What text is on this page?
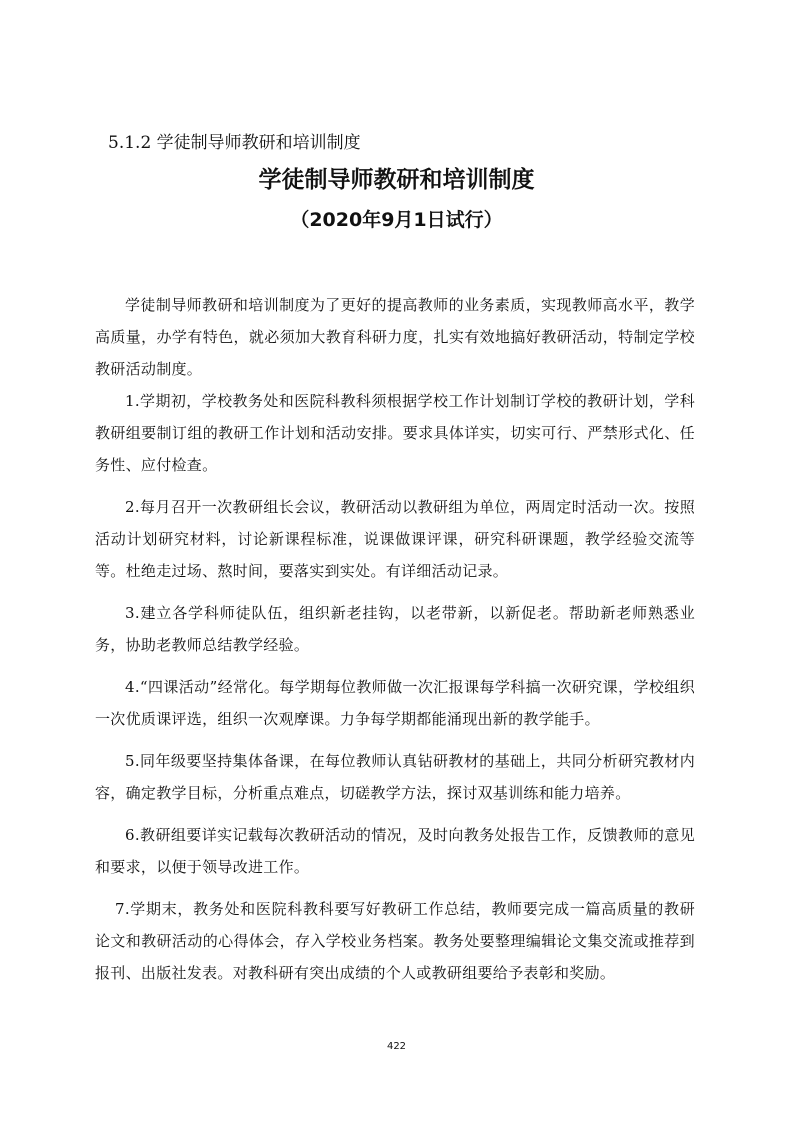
5.1.2 学徒制导师教研和培训制度
学徒制导师教研和培训制度
（2020年9月1日试行）

学徒制导师教研和培训制度为了更好的提高教师的业务素质，实现教师高水平，教学高质量，办学有特色，就必须加大教育科研力度，扎实有效地搞好教研活动，特制定学校教研活动制度。

1.学期初，学校教务处和医院科教科须根据学校工作计划制订学校的教研计划，学科教研组要制订组的教研工作计划和活动安排。要求具体详实，切实可行、严禁形式化、任务性、应付检查。

2.每月召开一次教研组长会议，教研活动以教研组为单位，两周定时活动一次。按照活动计划研究材料，讨论新课程标准，说课做课评课，研究科研课题，教学经验交流等等。杜绝走过场、熬时间，要落实到实处。有详细活动记录。

3.建立各学科师徒队伍，组织新老挂钩，以老带新，以新促老。帮助新老师熟悉业务，协助老教师总结教学经验。

4.“四课活动”经常化。每学期每位教师做一次汇报课每学科搞一次研究课，学校组织一次优质课评选，组织一次观摩课。力争每学期都能涌现出新的教学能手。

5.同年级要坚持集体备课，在每位教师认真钻研教材的基础上，共同分析研究教材内容，确定教学目标，分析重点难点，切磋教学方法，探讨双基训练和能力培养。

6.教研组要详实记载每次教研活动的情况，及时向教务处报告工作，反馈教师的意见和要求，以便于领导改进工作。

7.学期末，教务处和医院科教科要写好教研工作总结，教师要完成一篇高质量的教研论文和教研活动的心得体会，存入学校业务档案。教务处要整理编辑论文集交流或推荐到报刊、出版社发表。对教科研有突出成绩的个人或教研组要给予表彰和奖励。

422
